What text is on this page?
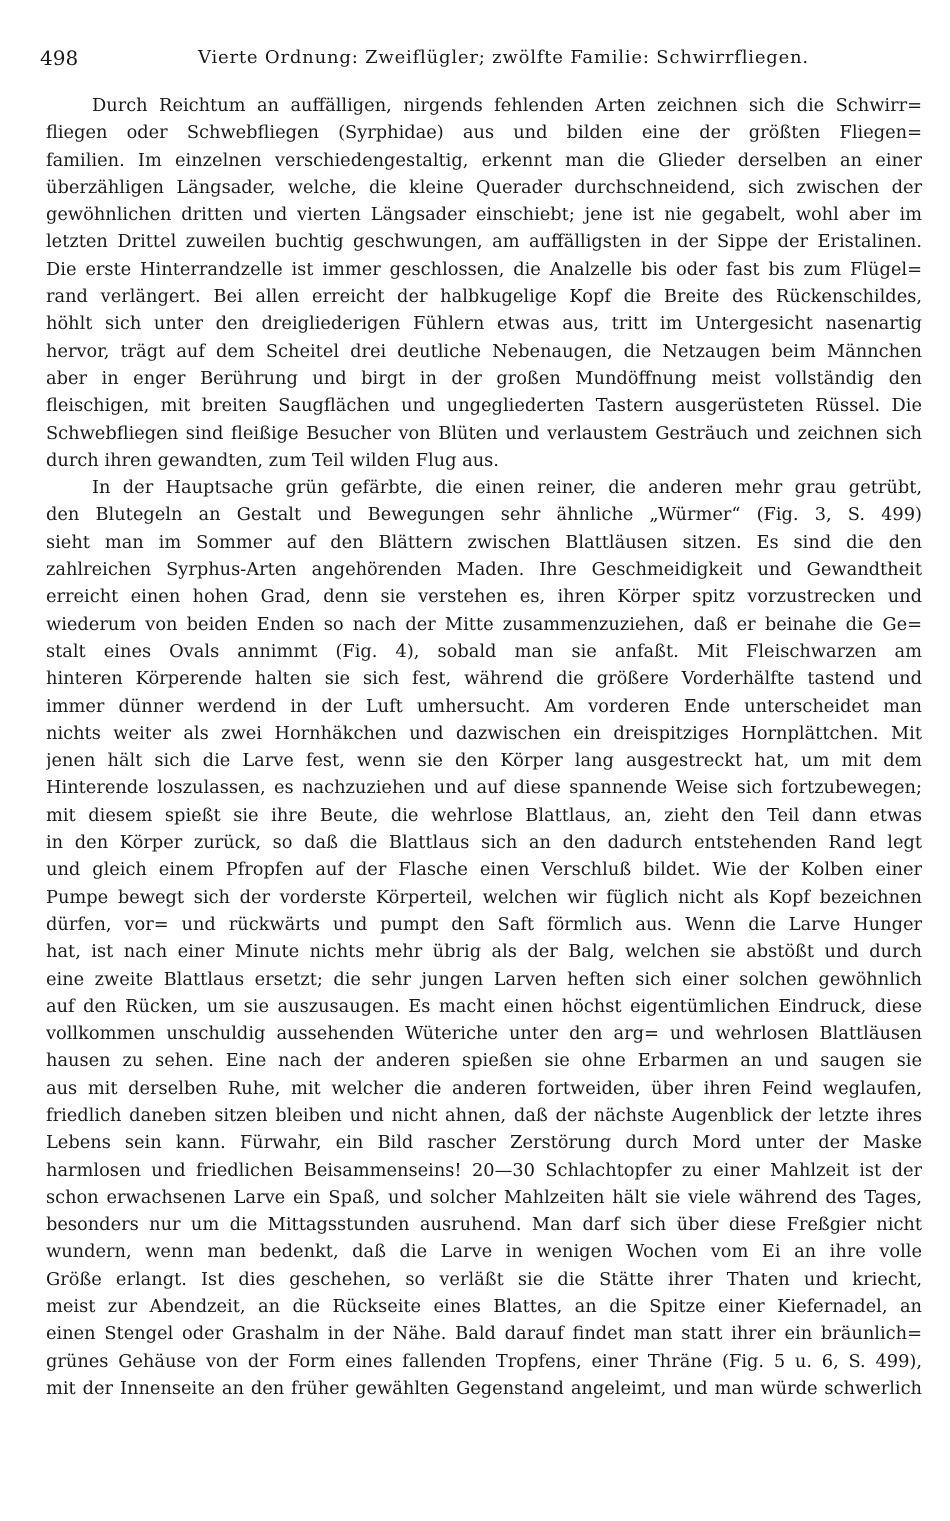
498	Vierte Ordnung: Zweiflügler; zwölfte Familie: Schwirrfliegen.
Durch Reichtum an auffälligen, nirgends fehlenden Arten zeichnen sich die Schwirr=
fliegen oder Schwebfliegen (Syrphidae) aus und bilden eine der größten Fliegen=
familien. Im einzelnen verschiedengestaltig, erkennt man die Glieder derselben an einer
überzähligen Längsader, welche, die kleine Querader durchschneidend, sich zwischen der
gewöhnlichen dritten und vierten Längsader einschiebt; jene ist nie gegabelt, wohl aber im
letzten Drittel zuweilen buchtig geschwungen, am auffälligsten in der Sippe der Eristalinen.
Die erste Hinterrandzelle ist immer geschlossen, die Analzelle bis oder fast bis zum Flügel=
rand verlängert. Bei allen erreicht der halbkugelige Kopf die Breite des Rückenschildes,
höhlt sich unter den dreigliederigen Fühlern etwas aus, tritt im Untergesicht nasenartig
hervor, trägt auf dem Scheitel drei deutliche Nebenaugen, die Netzaugen beim Männchen
aber in enger Berührung und birgt in der großen Mundöffnung meist vollständig den
fleischigen, mit breiten Saugflächen und ungegliederten Tastern ausgerüsteten Rüssel. Die
Schwebfliegen sind fleißige Besucher von Blüten und verlaustem Gesträuch und zeichnen sich
durch ihren gewandten, zum Teil wilden Flug aus.
In der Hauptsache grün gefärbte, die einen reiner, die anderen mehr grau getrübt,
den Blutegeln an Gestalt und Bewegungen sehr ähnliche „Würmer“ (Fig. 3, S. 499)
sieht man im Sommer auf den Blättern zwischen Blattläusen sitzen. Es sind die den
zahlreichen Syrphus-Arten angehörenden Maden. Ihre Geschmeidigkeit und Gewandtheit
erreicht einen hohen Grad, denn sie verstehen es, ihren Körper spitz vorzustrecken und
wiederum von beiden Enden so nach der Mitte zusammenzuziehen, daß er beinahe die Ge=
stalt eines Ovals annimmt (Fig. 4), sobald man sie anfaßt. Mit Fleischwarzen am
hinteren Körperende halten sie sich fest, während die größere Vorderhälfte tastend und
immer dünner werdend in der Luft umhersucht. Am vorderen Ende unterscheidet man
nichts weiter als zwei Hornhäkchen und dazwischen ein dreispitziges Hornplättchen. Mit
jenen hält sich die Larve fest, wenn sie den Körper lang ausgestreckt hat, um mit dem
Hinterende loszulassen, es nachzuziehen und auf diese spannende Weise sich fortzubewegen;
mit diesem spießt sie ihre Beute, die wehrlose Blattlaus, an, zieht den Teil dann etwas
in den Körper zurück, so daß die Blattlaus sich an den dadurch entstehenden Rand legt
und gleich einem Pfropfen auf der Flasche einen Verschluß bildet. Wie der Kolben einer
Pumpe bewegt sich der vorderste Körperteil, welchen wir füglich nicht als Kopf bezeichnen
dürfen, vor= und rückwärts und pumpt den Saft förmlich aus. Wenn die Larve Hunger
hat, ist nach einer Minute nichts mehr übrig als der Balg, welchen sie abstößt und durch
eine zweite Blattlaus ersetzt; die sehr jungen Larven heften sich einer solchen gewöhnlich
auf den Rücken, um sie auszusaugen. Es macht einen höchst eigentümlichen Eindruck, diese
vollkommen unschuldig aussehenden Wüteriche unter den arg= und wehrlosen Blattläusen
hausen zu sehen. Eine nach der anderen spießen sie ohne Erbarmen an und saugen sie
aus mit derselben Ruhe, mit welcher die anderen fortweiden, über ihren Feind weglaufen,
friedlich daneben sitzen bleiben und nicht ahnen, daß der nächste Augenblick der letzte ihres
Lebens sein kann. Fürwahr, ein Bild rascher Zerstörung durch Mord unter der Maske
harmlosen und friedlichen Beisammenseins! 20—30 Schlachtopfer zu einer Mahlzeit ist der
schon erwachsenen Larve ein Spaß, und solcher Mahlzeiten hält sie viele während des Tages,
besonders nur um die Mittagsstunden ausruhend. Man darf sich über diese Freßgier nicht
wundern, wenn man bedenkt, daß die Larve in wenigen Wochen vom Ei an ihre volle
Größe erlangt. Ist dies geschehen, so verläßt sie die Stätte ihrer Thaten und kriecht,
meist zur Abendzeit, an die Rückseite eines Blattes, an die Spitze einer Kiefernadel, an
einen Stengel oder Grashalm in der Nähe. Bald darauf findet man statt ihrer ein bräunlich=
grünes Gehäuse von der Form eines fallenden Tropfens, einer Thräne (Fig. 5 u. 6, S. 499),
mit der Innenseite an den früher gewählten Gegenstand angeleimt, und man würde schwerlich
